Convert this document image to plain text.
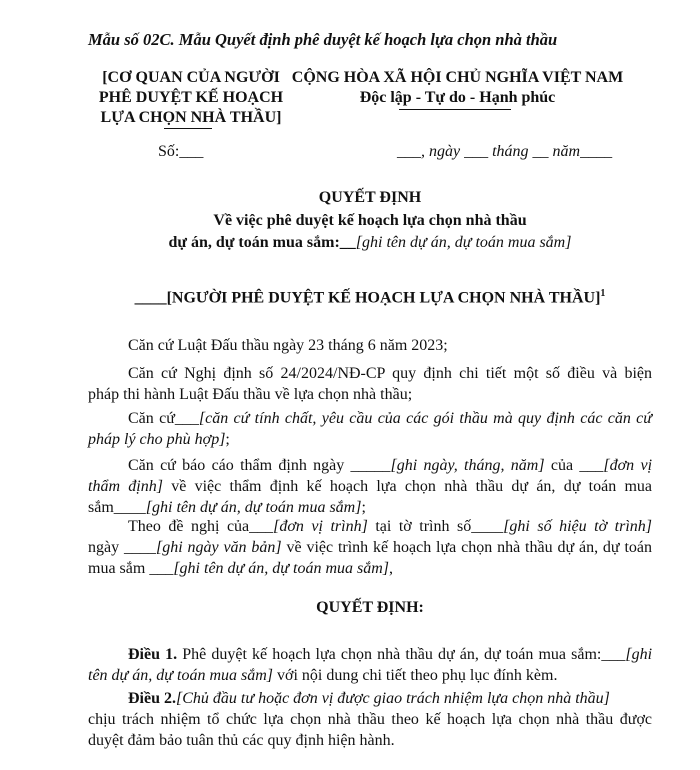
Mẫu số 02C. Mẫu Quyết định phê duyệt kế hoạch lựa chọn nhà thầu
[CƠ QUAN CỦA NGƯỜI
PHÊ DUYỆT KẾ HOẠCH
LỰA CHỌN NHÀ THẦU]
CỘNG HÒA XÃ HỘI CHỦ NGHĨA VIỆT NAM
Độc lập - Tự do - Hạnh phúc
Số:___	___, ngày ___ tháng __ năm____
QUYẾT ĐỊNH
Về việc phê duyệt kế hoạch lựa chọn nhà thầu
dự án, dự toán mua sắm:__[ghi tên dự án, dự toán mua sắm]
____[NGƯỜI PHÊ DUYỆT KẾ HOẠCH LỰA CHỌN NHÀ THẦU]$^1$
Căn cứ Luật Đấu thầu ngày 23 tháng 6 năm 2023;
Căn cứ Nghị định số 24/2024/NĐ-CP quy định chi tiết một số điều và biện
pháp thi hành Luật Đấu thầu về lựa chọn nhà thầu;
Căn cứ___[căn cứ tính chất, yêu cầu của các gói thầu mà quy định các căn cứ
pháp lý cho phù hợp];
Căn cứ báo cáo thẩm định ngày _____[ghi ngày, tháng, năm] của ___[đơn vị
thẩm định] về việc thẩm định kế hoạch lựa chọn nhà thầu dự án, dự toán mua
sắm____[ghi tên dự án, dự toán mua sắm];
Theo đề nghị của___[đơn vị trình] tại tờ trình số____[ghi số hiệu tờ trình]
ngày ____[ghi ngày văn bản] về việc trình kế hoạch lựa chọn nhà thầu dự án, dự toán
mua sắm ___[ghi tên dự án, dự toán mua sắm],
QUYẾT ĐỊNH:
Điều 1. Phê duyệt kế hoạch lựa chọn nhà thầu dự án, dự toán mua sắm:___[ghi
tên dự án, dự toán mua sắm] với nội dung chi tiết theo phụ lục đính kèm.
Điều 2.[Chủ đầu tư hoặc đơn vị được giao trách nhiệm lựa chọn nhà thầu]
chịu trách nhiệm tổ chức lựa chọn nhà thầu theo kế hoạch lựa chọn nhà thầu được
duyệt đảm bảo tuân thủ các quy định hiện hành.
